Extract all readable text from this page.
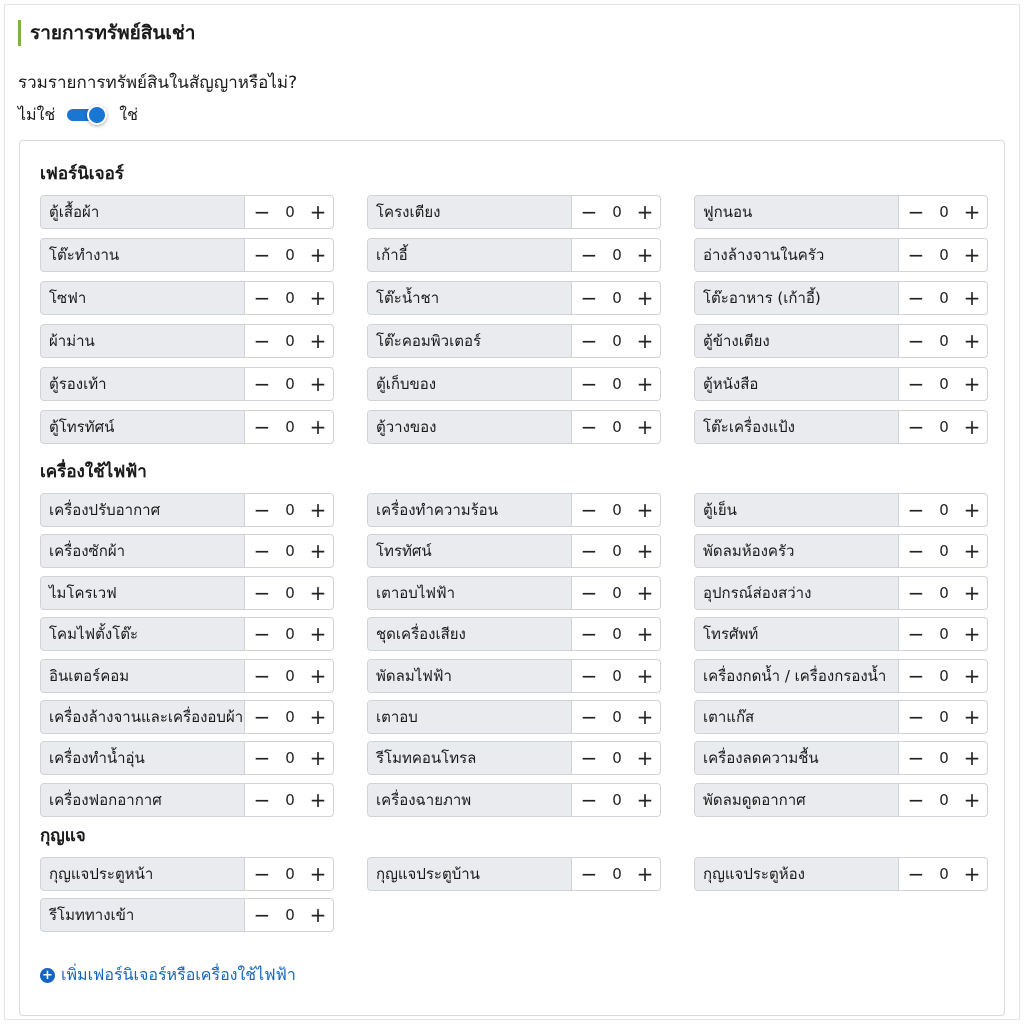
รายการทรัพย์สินเช่า
รวมรายการทรัพย์สินในสัญญาหรือไม่?
ไม่ใช่	ใช่
+ เพิ่มเฟอร์นิเจอร์หรือเครื่องใช้ไฟฟ้า
เฟอร์นิเจอร์
ตู้เสื้อผ้า	− 0 +	โครงเตียง	− 0 +	ฟูกนอน	− 0 +
โต๊ะทำงาน	− 0 +	เก้าอี้	− 0 +	อ่างล้างจานในครัว	− 0 +
โซฟา	− 0 +	โต๊ะน้ำชา	− 0 +	โต๊ะอาหาร (เก้าอี้)	− 0 +
ผ้าม่าน	− 0 +	โต๊ะคอมพิวเตอร์	− 0 +	ตู้ข้างเตียง	− 0 +
ตู้รองเท้า	− 0 +	ตู้เก็บของ	− 0 +	ตู้หนังสือ	− 0 +
ตู้โทรทัศน์	− 0 +	ตู้วางของ	− 0 +	โต๊ะเครื่องแป้ง	− 0 +
เครื่องใช้ไฟฟ้า
เครื่องปรับอากาศ	− 0 +	เครื่องทำความร้อน	− 0 +	ตู้เย็น	− 0 +
เครื่องซักผ้า	− 0 +	โทรทัศน์	− 0 +	พัดลมห้องครัว	− 0 +
ไมโครเวฟ	− 0 +	เตาอบไฟฟ้า	− 0 +	อุปกรณ์ส่องสว่าง	− 0 +
โคมไฟตั้งโต๊ะ	− 0 +	ชุดเครื่องเสียง	− 0 +	โทรศัพท์	− 0 +
อินเตอร์คอม	− 0 +	พัดลมไฟฟ้า	− 0 +	เครื่องกดน้ำ / เครื่องกรองน้ำ	− 0 +
เครื่องล้างจานและเครื่องอบผ้า − 0 +	เตาอบ	− 0 +	เตาแก๊ส	− 0 +
เครื่องทำน้ำอุ่น	− 0 +	รีโมทคอนโทรล	− 0 +	เครื่องลดความชื้น	− 0 +
เครื่องฟอกอากาศ	− 0 +	เครื่องฉายภาพ	− 0 +	พัดลมดูดอากาศ	− 0 +
กุญแจ
กุญแจประตูหน้า	− 0 +	กุญแจประตูบ้าน	− 0 +	กุญแจประตูห้อง	− 0 +
รีโมททางเข้า	− 0 +
